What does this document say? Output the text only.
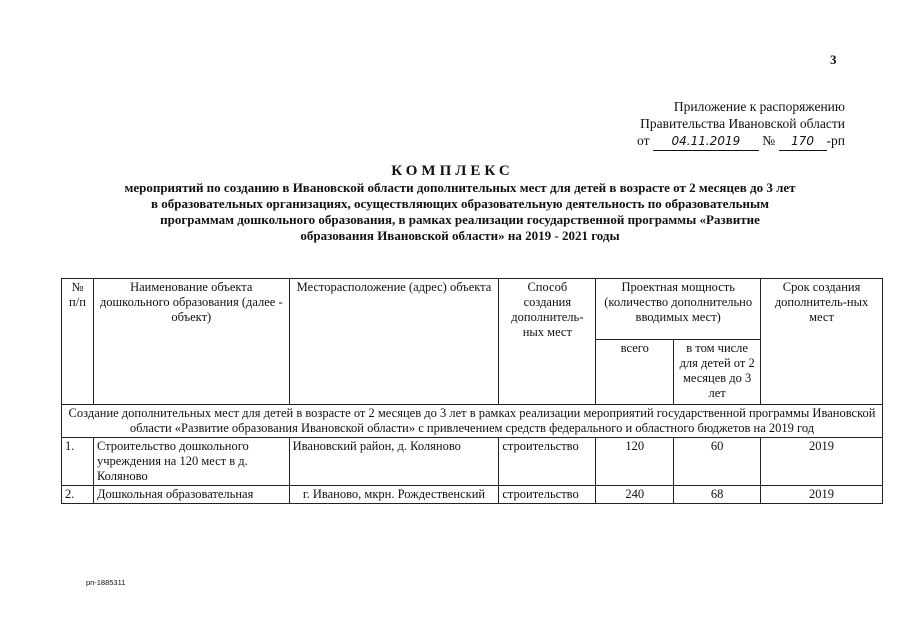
3
Приложение к распоряжению
Правительства Ивановской области
от 04.11.2019 № 170 -рп
КОМПЛЕКС
мероприятий по созданию в Ивановской области дополнительных мест для детей в возрасте от 2 месяцев до 3 лет
в образовательных организациях, осуществляющих образовательную деятельность по образовательным
программам дошкольного образования, в рамках реализации государственной программы «Развитие
образования Ивановской области» на 2019 - 2021 годы
№ п/п	Наименование объекта дошкольного образования (далее - объект)	Месторасположение (адрес) объекта	Способ создания дополнитель-ных мест	Проектная мощность (количество дополнительно вводимых мест)		Срок создания дополнитель-ных мест
				всего	в том числе для детей от 2 месяцев до 3 лет	
Создание дополнительных мест для детей в возрасте от 2 месяцев до 3 лет в рамках реализации мероприятий государственной программы Ивановской области «Развитие образования Ивановской области» с привлечением средств федерального и областного бюджетов на 2019 год						
1.	Строительство дошкольного учреждения на 120 мест в д. Коляново	Ивановский район, д. Коляново	строительство	120	60	2019
2.	Дошкольная образовательная	г. Иваново, мкрн. Рождественский	строительство	240	68	2019
рп-1885311
